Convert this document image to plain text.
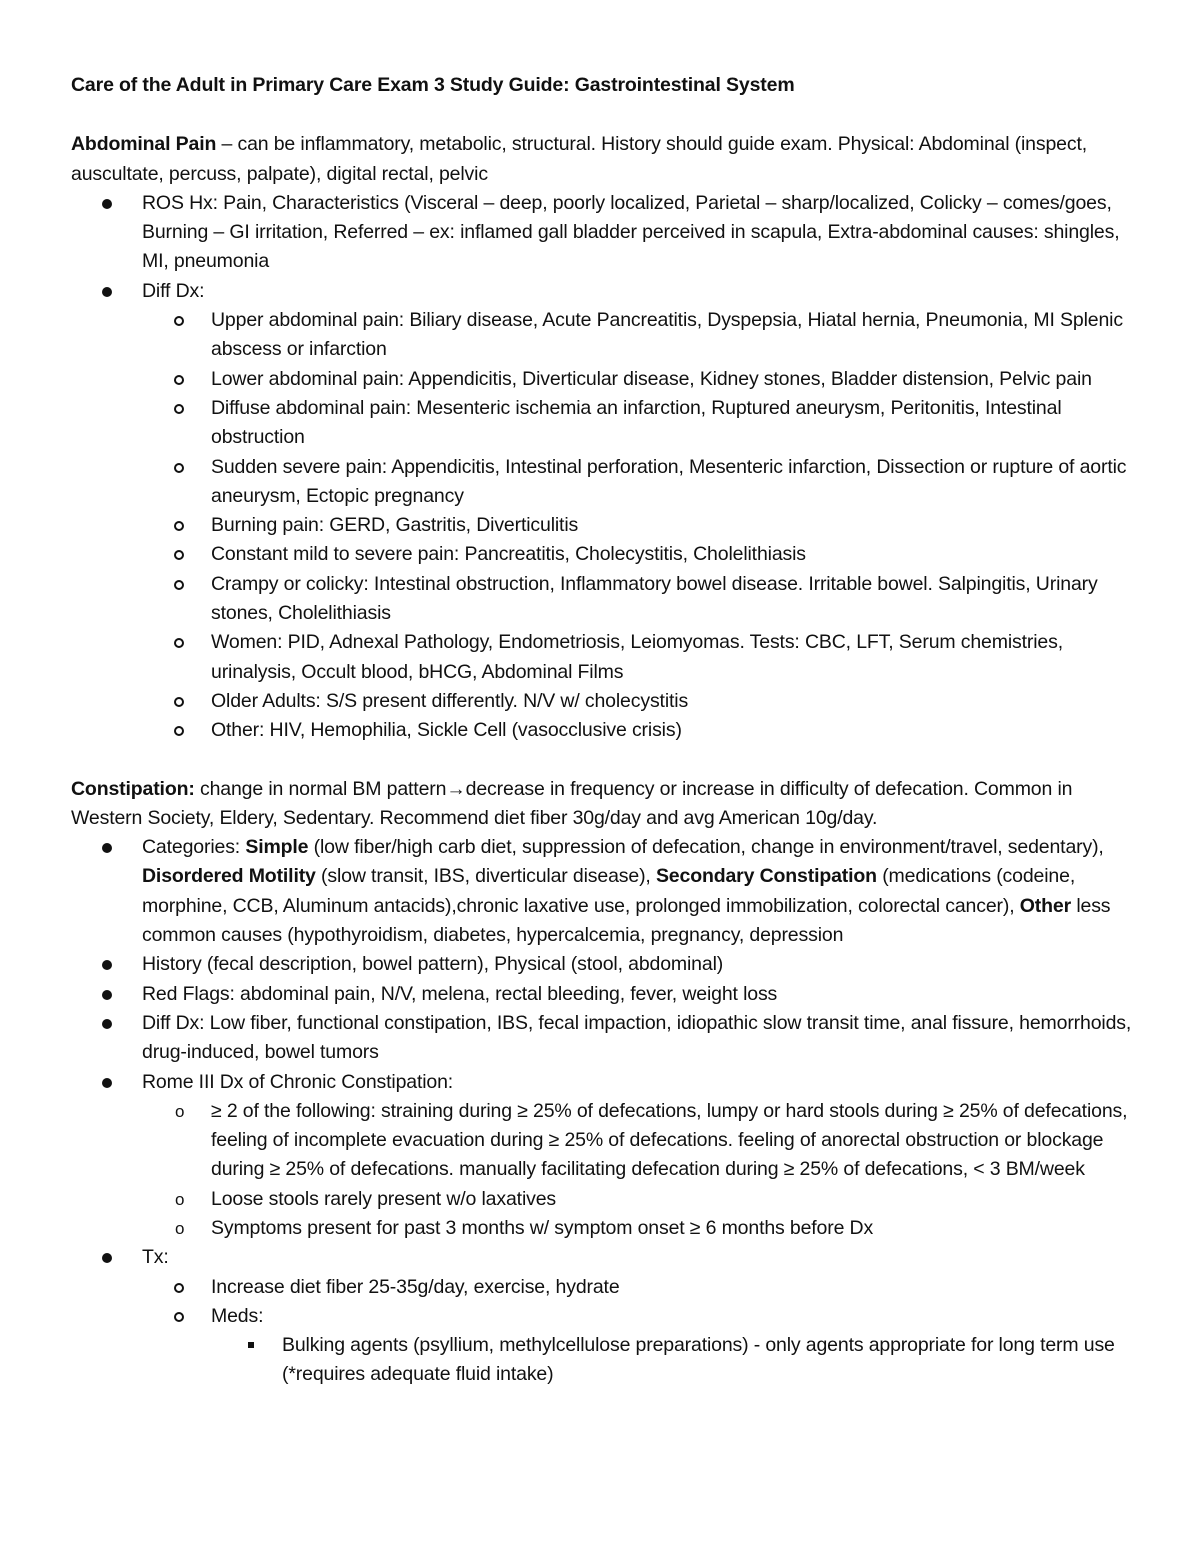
Care of the Adult in Primary Care Exam 3 Study Guide: Gastrointestinal System

Abdominal Pain – can be inflammatory, metabolic, structural. History should guide exam. Physical: Abdominal (inspect, auscultate, percuss, palpate), digital rectal, pelvic

ROS Hx: Pain, Characteristics (Visceral – deep, poorly localized, Parietal – sharp/localized, Colicky – comes/goes, Burning – GI irritation, Referred – ex: inflamed gall bladder perceived in scapula, Extra-abdominal causes: shingles, MI, pneumonia
Diff Dx:
Upper abdominal pain: Biliary disease, Acute Pancreatitis, Dyspepsia, Hiatal hernia, Pneumonia, MI Splenic abscess or infarction
Lower abdominal pain: Appendicitis, Diverticular disease, Kidney stones, Bladder distension, Pelvic pain
Diffuse abdominal pain: Mesenteric ischemia an infarction, Ruptured aneurysm, Peritonitis, Intestinal obstruction
Sudden severe pain: Appendicitis, Intestinal perforation, Mesenteric infarction, Dissection or rupture of aortic aneurysm, Ectopic pregnancy
Burning pain: GERD, Gastritis, Diverticulitis
Constant mild to severe pain: Pancreatitis, Cholecystitis, Cholelithiasis
Crampy or colicky: Intestinal obstruction, Inflammatory bowel disease. Irritable bowel. Salpingitis, Urinary stones, Cholelithiasis
Women: PID, Adnexal Pathology, Endometriosis, Leiomyomas. Tests: CBC, LFT, Serum chemistries, urinalysis, Occult blood, bHCG, Abdominal Films
Older Adults: S/S present differently. N/V w/ cholecystitis
Other: HIV, Hemophilia, Sickle Cell (vasocclusive crisis)

Constipation: change in normal BM pattern→decrease in frequency or increase in difficulty of defecation. Common in Western Society, Eldery, Sedentary. Recommend diet fiber 30g/day and avg American 10g/day.

Categories: Simple (low fiber/high carb diet, suppression of defecation, change in environment/travel, sedentary), Disordered Motility (slow transit, IBS, diverticular disease), Secondary Constipation (medications (codeine, morphine, CCB, Aluminum antacids),chronic laxative use, prolonged immobilization, colorectal cancer), Other less common causes (hypothyroidism, diabetes, hypercalcemia, pregnancy, depression
History (fecal description, bowel pattern), Physical (stool, abdominal)
Red Flags: abdominal pain, N/V, melena, rectal bleeding, fever, weight loss
Diff Dx: Low fiber, functional constipation, IBS, fecal impaction, idiopathic slow transit time, anal fissure, hemorrhoids, drug-induced, bowel tumors
Rome III Dx of Chronic Constipation:
o ≥ 2 of the following: straining during ≥ 25% of defecations, lumpy or hard stools during ≥ 25% of defecations, feeling of incomplete evacuation during ≥ 25% of defecations. feeling of anorectal obstruction or blockage during ≥ 25% of defecations. manually facilitating defecation during ≥ 25% of defecations, < 3 BM/week
o Loose stools rarely present w/o laxatives
o Symptoms present for past 3 months w/ symptom onset ≥ 6 months before Dx
Tx:
Increase diet fiber 25-35g/day, exercise, hydrate
Meds:
Bulking agents (psyllium, methylcellulose preparations) - only agents appropriate for long term use (*requires adequate fluid intake)
